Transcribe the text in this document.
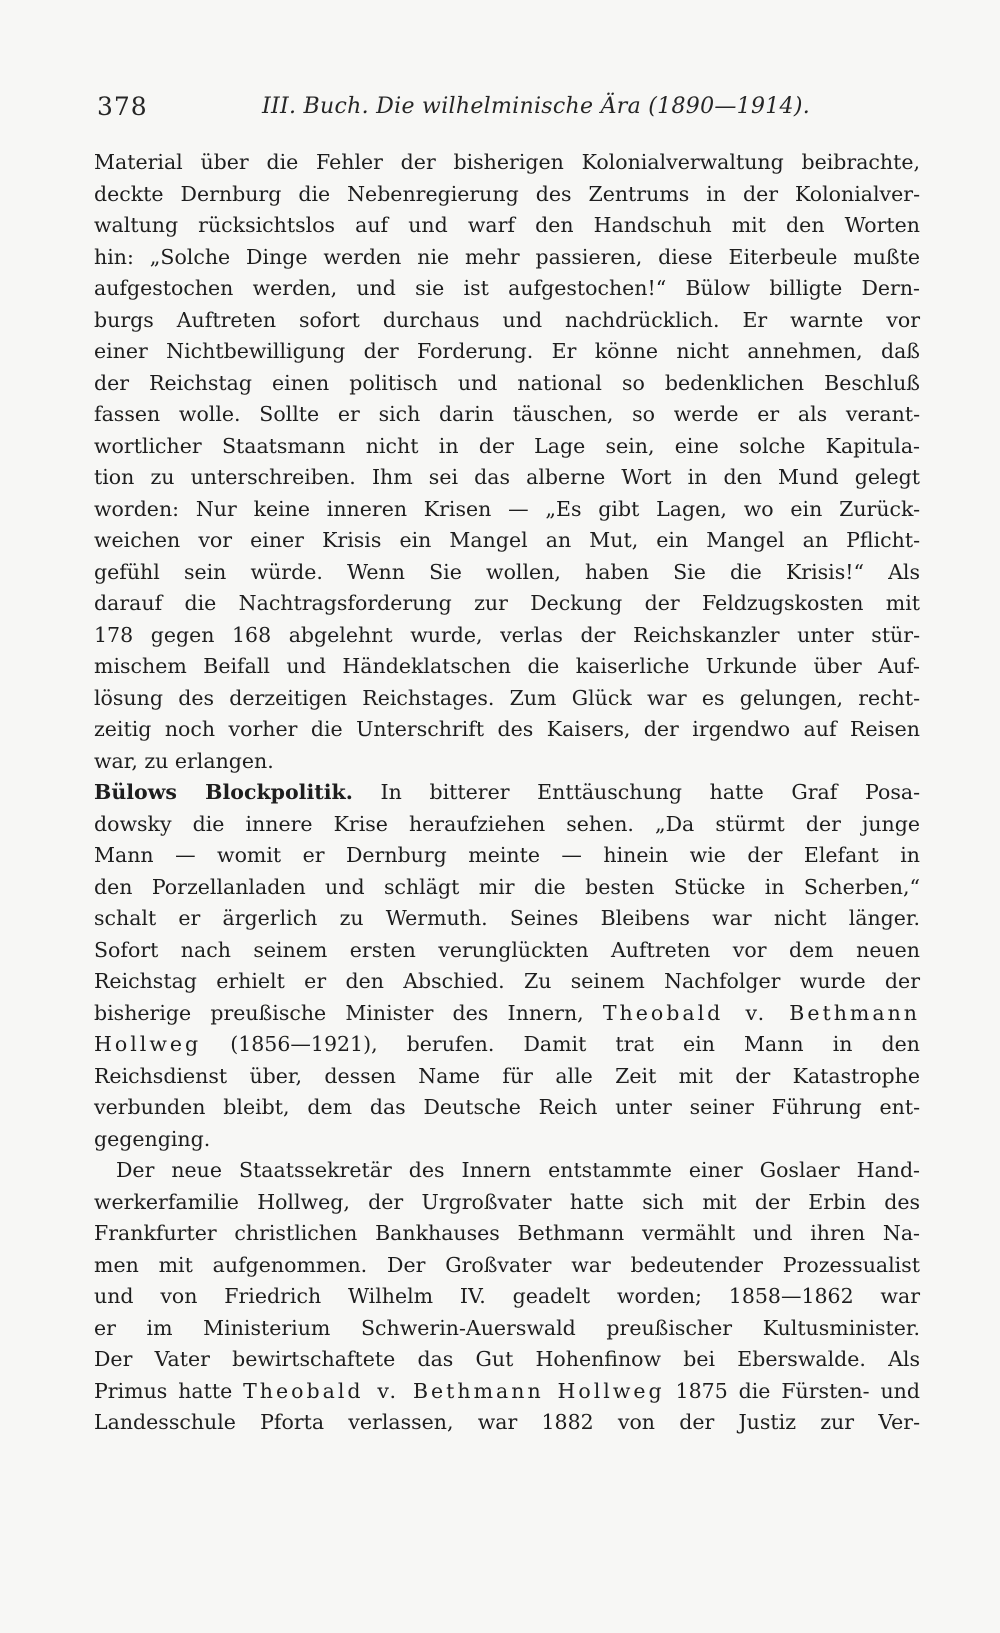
378	III. Buch. Die wilhelminische Ära (1890—1914).
Material über die Fehler der bisherigen Kolonialverwaltung beibrachte,
deckte Dernburg die Nebenregierung des Zentrums in der Kolonialver-
waltung rücksichtslos auf und warf den Handschuh mit den Worten
hin: „Solche Dinge werden nie mehr passieren, diese Eiterbeule mußte
aufgestochen werden, und sie ist aufgestochen!“ Bülow billigte Dern-
burgs Auftreten sofort durchaus und nachdrücklich. Er warnte vor
einer Nichtbewilligung der Forderung. Er könne nicht annehmen, daß
der Reichstag einen politisch und national so bedenklichen Beschluß
fassen wolle. Sollte er sich darin täuschen, so werde er als verant-
wortlicher Staatsmann nicht in der Lage sein, eine solche Kapitula-
tion zu unterschreiben. Ihm sei das alberne Wort in den Mund gelegt
worden: Nur keine inneren Krisen — „Es gibt Lagen, wo ein Zurück-
weichen vor einer Krisis ein Mangel an Mut, ein Mangel an Pflicht-
gefühl sein würde. Wenn Sie wollen, haben Sie die Krisis!“ Als
darauf die Nachtragsforderung zur Deckung der Feldzugskosten mit
178 gegen 168 abgelehnt wurde, verlas der Reichskanzler unter stür-
mischem Beifall und Händeklatschen die kaiserliche Urkunde über Auf-
lösung des derzeitigen Reichstages. Zum Glück war es gelungen, recht-
zeitig noch vorher die Unterschrift des Kaisers, der irgendwo auf Reisen
war, zu erlangen.
Bülows Blockpolitik. In bitterer Enttäuschung hatte Graf Posa-
dowsky die innere Krise heraufziehen sehen. „Da stürmt der junge
Mann — womit er Dernburg meinte — hinein wie der Elefant in
den Porzellanladen und schlägt mir die besten Stücke in Scherben,“
schalt er ärgerlich zu Wermuth. Seines Bleibens war nicht länger.
Sofort nach seinem ersten verunglückten Auftreten vor dem neuen
Reichstag erhielt er den Abschied. Zu seinem Nachfolger wurde der
bisherige preußische Minister des Innern, Theobald v. Bethmann
Hollweg (1856—1921), berufen. Damit trat ein Mann in den
Reichsdienst über, dessen Name für alle Zeit mit der Katastrophe
verbunden bleibt, dem das Deutsche Reich unter seiner Führung ent-
gegenging.
Der neue Staatssekretär des Innern entstammte einer Goslaer Hand-
werkerfamilie Hollweg, der Urgroßvater hatte sich mit der Erbin des
Frankfurter christlichen Bankhauses Bethmann vermählt und ihren Na-
men mit aufgenommen. Der Großvater war bedeutender Prozessualist
und von Friedrich Wilhelm IV. geadelt worden; 1858—1862 war
er im Ministerium Schwerin-Auerswald preußischer Kultusminister.
Der Vater bewirtschaftete das Gut Hohenfinow bei Eberswalde. Als
Primus hatte Theobald v. Bethmann Hollweg 1875 die Fürsten- und
Landesschule Pforta verlassen, war 1882 von der Justiz zur Ver-
